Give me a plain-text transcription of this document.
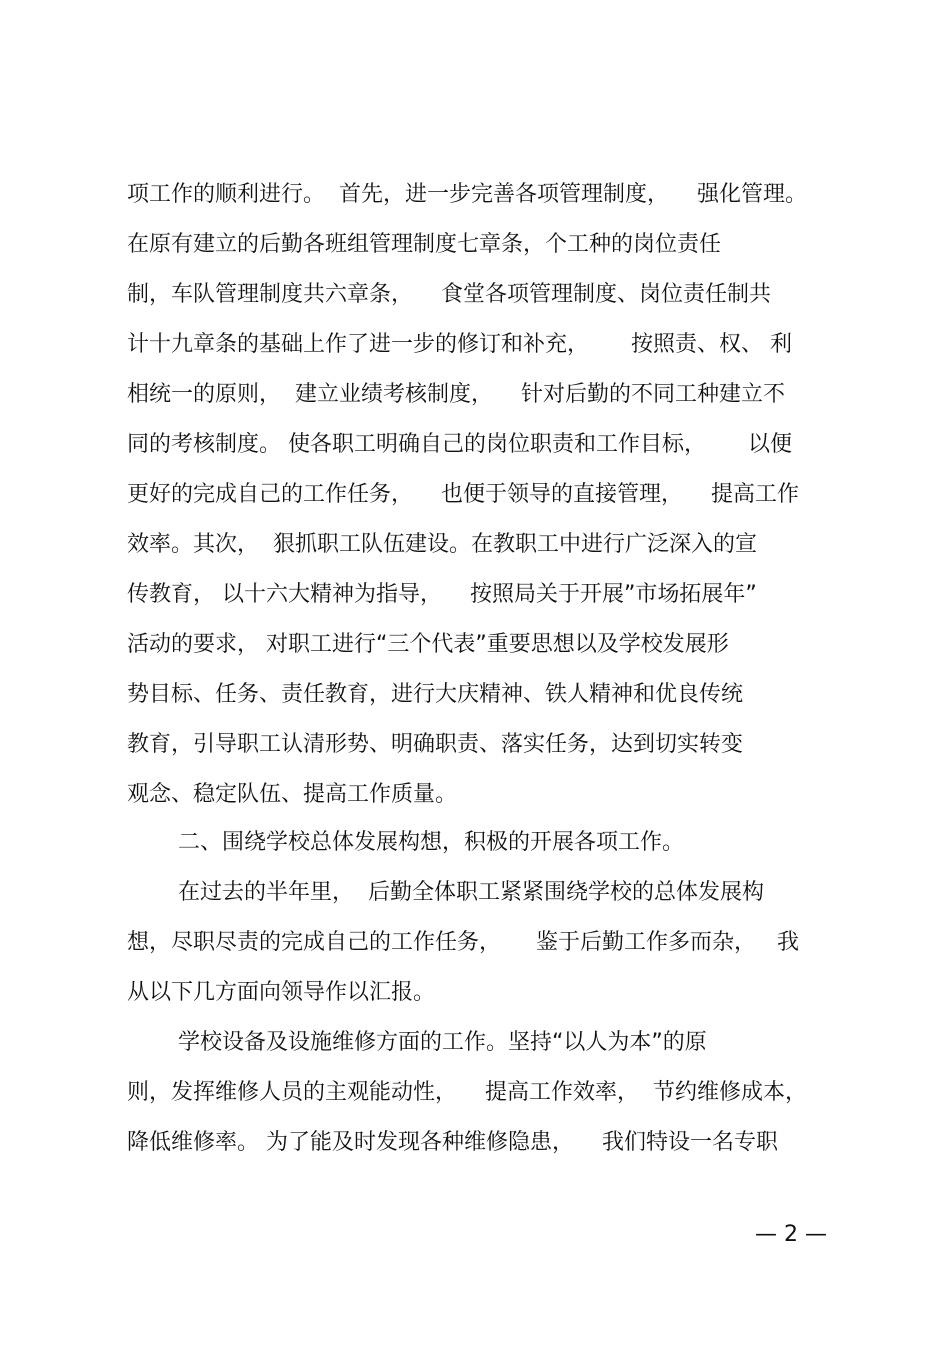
项工作的顺利进行。  首先，进一步完善各项管理制度，    强化管理。
在原有建立的后勤各班组管理制度七章条，个工种的岗位责任
制，车队管理制度共六章条，    食堂各项管理制度、岗位责任制共
计十九章条的基础上作了进一步的修订和补充，      按照责、权、 利
相统一的原则，  建立业绩考核制度，    针对后勤的不同工种建立不
同的考核制度。 使各职工明确自己的岗位职责和工作目标，      以便
更好的完成自己的工作任务，    也便于领导的直接管理，    提高工作
效率。其次，  狠抓职工队伍建设。在教职工中进行广泛深入的宣
传教育， 以十六大精神为指导，    按照局关于开展”市场拓展年”
活动的要求， 对职工进行“三个代表”重要思想以及学校发展形
势目标、任务、责任教育，进行大庆精神、铁人精神和优良传统
教育，引导职工认清形势、明确职责、落实任务，达到切实转变
观念、稳定队伍、提高工作质量。
二、围绕学校总体发展构想，积极的开展各项工作。
在过去的半年里，  后勤全体职工紧紧围绕学校的总体发展构
想，尽职尽责的完成自己的工作任务，     鉴于后勤工作多而杂，   我
从以下几方面向领导作以汇报。
学校设备及设施维修方面的工作。坚持“以人为本”的原
则，发挥维修人员的主观能动性，    提高工作效率，  节约维修成本，
降低维修率。 为了能及时发现各种维修隐患，    我们特设一名专职
— 2 —
